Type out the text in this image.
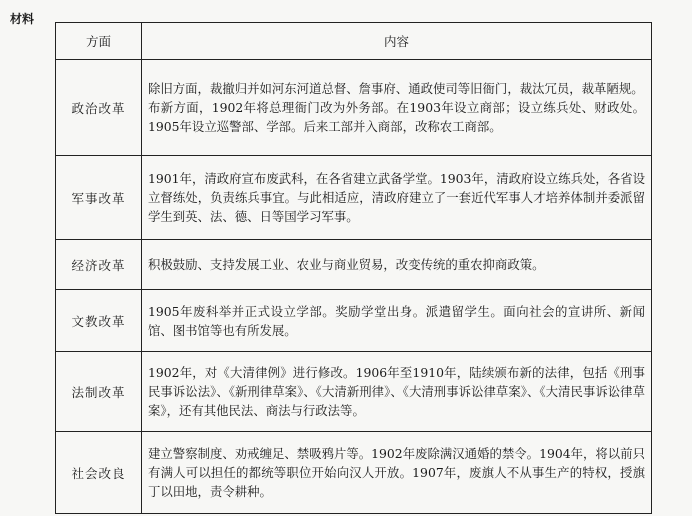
材料
方面	内容
政治改革	除旧方面，裁撤归并如河东河道总督、詹事府、通政使司等旧衙门，裁汰冗员，裁革陋规。
布新方面，1902年将总理衙门改为外务部。在1903年设立商部；设立练兵处、财政处。1905年设立巡警部、学部。后来工部并入商部，改称农工商部。

军事改革	1901年，清政府宣布废武科，在各省建立武备学堂。1903年，清政府设立练兵处，各省设立督练处，负责练兵事宜。与此相适应，清政府建立了一套近代军事人才培养体制并委派留学生到英、法、德、日等国学习军事。

经济改革	积极鼓励、支持发展工业、农业与商业贸易，改变传统的重农抑商政策。

文教改革	1905年废科举并正式设立学部。奖励学堂出身。派遣留学生。面向社会的宣讲所、新闻馆、图书馆等也有所发展。

法制改革	1902年，对《大清律例》进行修改。1906年至1910年，陆续颁布新的法律，包括《刑事民事诉讼法》、《新刑律草案》、《大清新刑律》、《大清刑事诉讼律草案》、《大清民事诉讼律草案》，还有其他民法、商法与行政法等。

社会改良	建立警察制度、劝戒缠足、禁吸鸦片等。1902年废除满汉通婚的禁令。1904年，将以前只有满人可以担任的都统等职位开始向汉人开放。1907年，废旗人不从事生产的特权，授旗丁以田地，责令耕种。
